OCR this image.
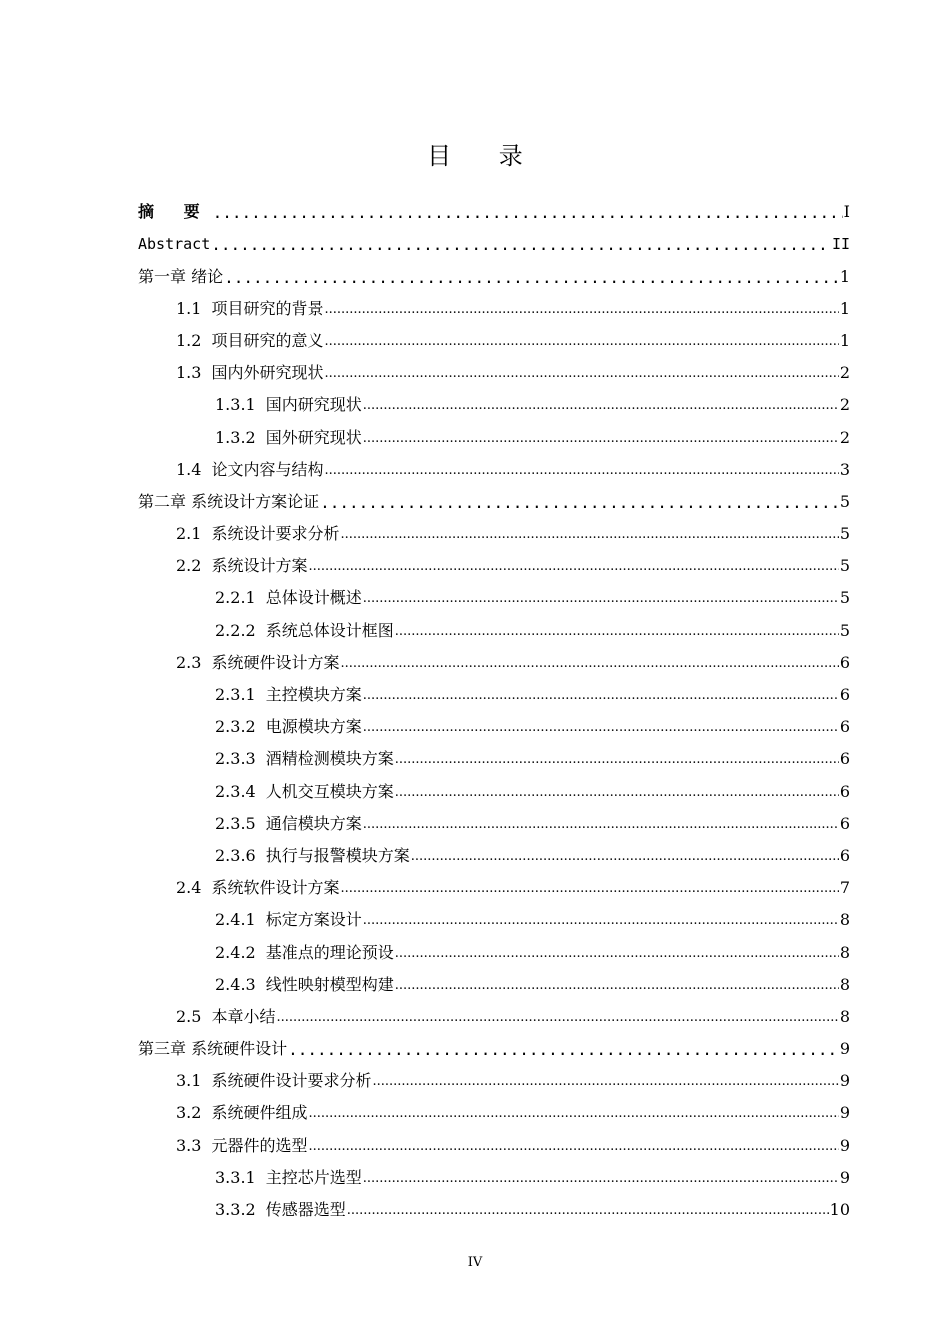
目 录
摘 要 .....	I
Abstract .....	II
第一章 绪论 .....	1
1.1 项目研究的背景 .....	1
1.2 项目研究的意义 .....	1
1.3 国内外研究现状 .....	2
1.3.1 国内研究现状 .....	2
1.3.2 国外研究现状 .....	2
1.4 论文内容与结构 .....	3
第二章 系统设计方案论证 .....	5
2.1 系统设计要求分析 .....	5
2.2 系统设计方案 .....	5
2.2.1 总体设计概述 .....	5
2.2.2 系统总体设计框图 .....	5
2.3 系统硬件设计方案 .....	6
2.3.1 主控模块方案 .....	6
2.3.2 电源模块方案 .....	6
2.3.3 酒精检测模块方案 .....	6
2.3.4 人机交互模块方案 .....	6
2.3.5 通信模块方案 .....	6
2.3.6 执行与报警模块方案 .....	6
2.4 系统软件设计方案 .....	7
2.4.1 标定方案设计 .....	8
2.4.2 基准点的理论预设 .....	8
2.4.3 线性映射模型构建 .....	8
2.5 本章小结 .....	8
第三章 系统硬件设计 .....	9
3.1 系统硬件设计要求分析 .....	9
3.2 系统硬件组成 .....	9
3.3 元器件的选型 .....	9
3.3.1 主控芯片选型 .....	9
3.3.2 传感器选型 .....	10
IV
